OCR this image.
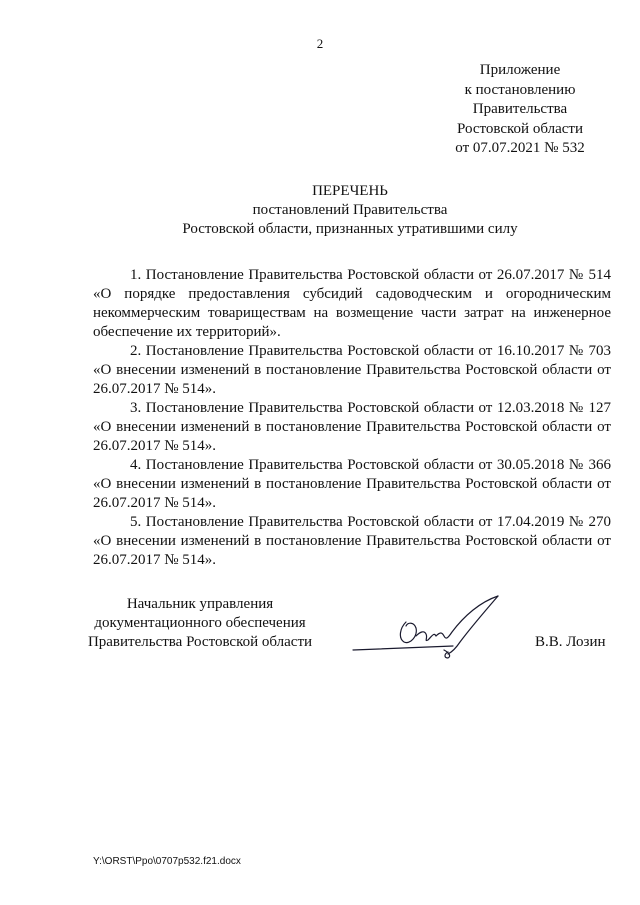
2
Приложение
к постановлению
Правительства
Ростовской области
от 07.07.2021 № 532
ПЕРЕЧЕНЬ
постановлений Правительства
Ростовской области, признанных утратившими силу

1. Постановление Правительства Ростовской области от 26.07.2017 № 514
«О порядке предоставления субсидий садоводческим и огородническим некоммерческим товариществам на возмещение части затрат на инженерное обеспечение их территорий».

2. Постановление Правительства Ростовской области от 16.10.2017 № 703
«О внесении изменений в постановление Правительства Ростовской области от 26.07.2017 № 514».

3. Постановление Правительства Ростовской области от 12.03.2018 № 127
«О внесении изменений в постановление Правительства Ростовской области от 26.07.2017 № 514».

4. Постановление Правительства Ростовской области от 30.05.2018 № 366
«О внесении изменений в постановление Правительства Ростовской области от 26.07.2017 № 514».

5. Постановление Правительства Ростовской области от 17.04.2019 № 270
«О внесении изменений в постановление Правительства Ростовской области от 26.07.2017 № 514».

Начальник управления
документационного обеспечения
Правительства Ростовской области	В.В. Лозин
Y:\ORST\Ppo\0707p532.f21.docx
